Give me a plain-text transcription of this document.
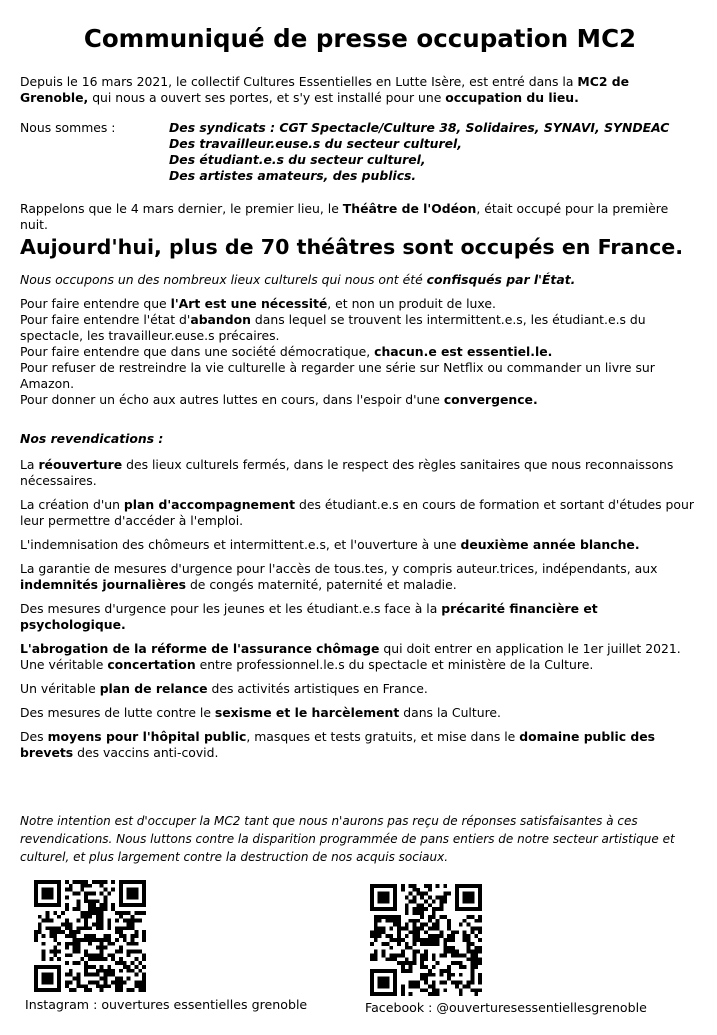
Communiqué de presse occupation MC2

Depuis le 16 mars 2021, le collectif Cultures Essentielles en Lutte Isère, est entré dans la MC2 de Grenoble, qui nous a ouvert ses portes, et s'y est installé pour une occupation du lieu.

Nous sommes :	Des syndicats : CGT Spectacle/Culture 38, Solidaires, SYNAVI, SYNDEAC
Des travailleur.euse.s du secteur culturel,
Des étudiant.e.s du secteur culturel,
Des artistes amateurs, des publics.

Rappelons que le 4 mars dernier, le premier lieu, le Théâtre de l'Odéon, était occupé pour la première nuit.

Aujourd'hui, plus de 70 théâtres sont occupés en France.

Nous occupons un des nombreux lieux culturels qui nous ont été confisqués par l'État.

Pour faire entendre que l'Art est une nécessité, et non un produit de luxe.

Pour faire entendre l'état d'abandon dans lequel se trouvent les intermittent.e.s, les étudiant.e.s du spectacle, les travailleur.euse.s précaires.

Pour faire entendre que dans une société démocratique, chacun.e est essentiel.le.

Pour refuser de restreindre la vie culturelle à regarder une série sur Netflix ou commander un livre sur Amazon.

Pour donner un écho aux autres luttes en cours, dans l'espoir d'une convergence.

Nos revendications :

La réouverture des lieux culturels fermés, dans le respect des règles sanitaires que nous reconnaissons nécessaires.

La création d'un plan d'accompagnement des étudiant.e.s en cours de formation et sortant d'études pour leur permettre d'accéder à l'emploi.

L'indemnisation des chômeurs et intermittent.e.s, et l'ouverture à une deuxième année blanche.

La garantie de mesures d'urgence pour l'accès de tous.tes, y compris auteur.trices, indépendants, aux indemnités journalières de congés maternité, paternité et maladie.

Des mesures d'urgence pour les jeunes et les étudiant.e.s face à la précarité financière et psychologique.

L'abrogation de la réforme de l'assurance chômage qui doit entrer en application le 1er juillet 2021.

Une véritable concertation entre professionnel.le.s du spectacle et ministère de la Culture.

Un véritable plan de relance des activités artistiques en France.

Des mesures de lutte contre le sexisme et le harcèlement dans la Culture.

Des moyens pour l'hôpital public, masques et tests gratuits, et mise dans le domaine public des brevets des vaccins anti-covid.

Notre intention est d'occuper la MC2 tant que nous n'aurons pas reçu de réponses satisfaisantes à ces revendications. Nous luttons contre la disparition programmée de pans entiers de notre secteur artistique et culturel, et plus largement contre la destruction de nos acquis sociaux.

Instagram : ouvertures essentielles grenoble	Facebook : @ouverturesessentiellesgrenoble
